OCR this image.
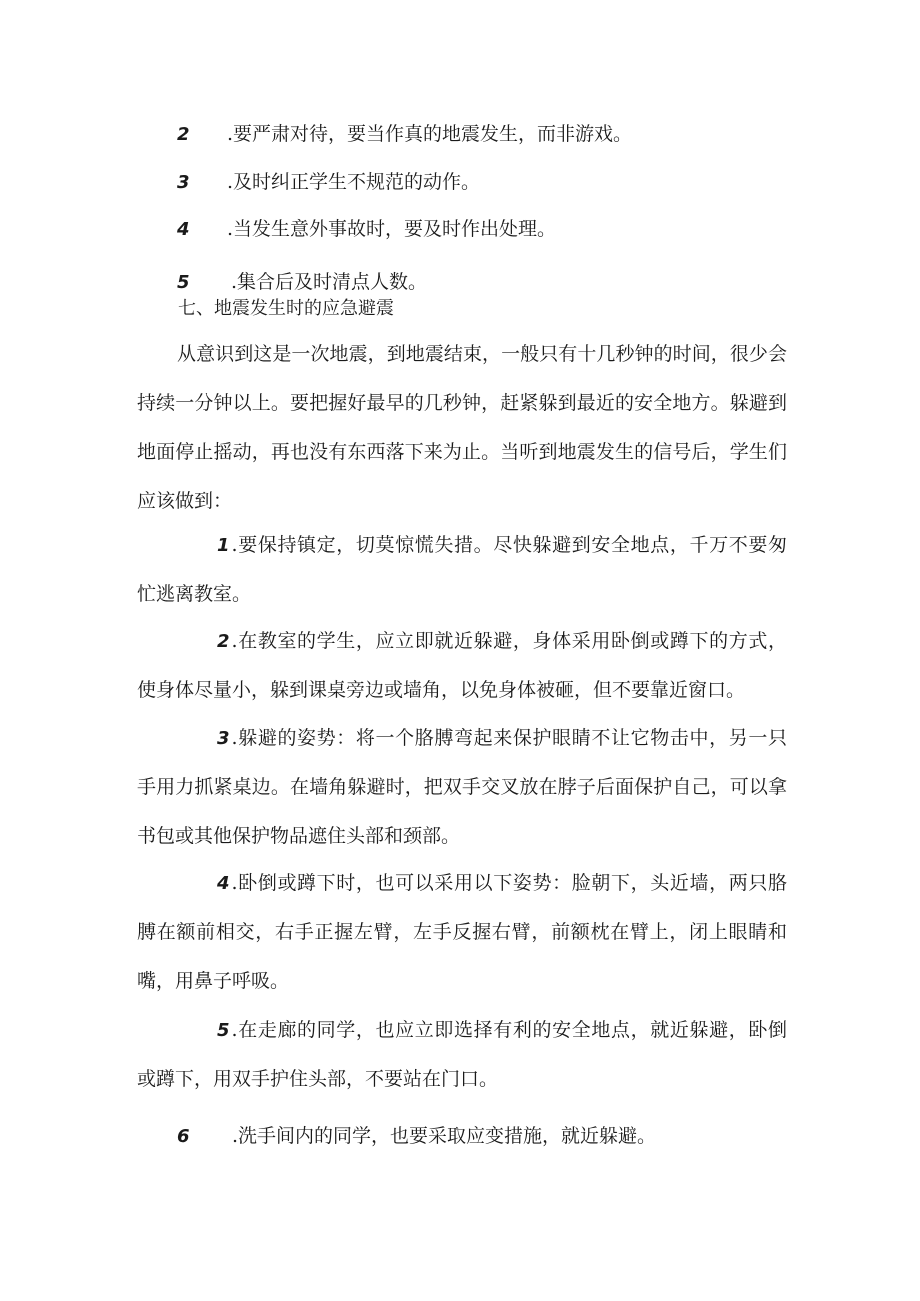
2 .要严肃对待，要当作真的地震发生，而非游戏。
3 .及时纠正学生不规范的动作。
4 .当发生意外事故时，要及时作出处理。
5 .集合后及时清点人数。
七、地震发生时的应急避震
从意识到这是一次地震，到地震结束，一般只有十几秒钟的时间，很少会持续一分钟以上。要把握好最早的几秒钟，赶紧躲到最近的安全地方。躲避到地面停止摇动，再也没有东西落下来为止。当听到地震发生的信号后，学生们应该做到：
1 .要保持镇定，切莫惊慌失措。尽快躲避到安全地点，千万不要匆忙逃离教室。
2 .在教室的学生，应立即就近躲避，身体采用卧倒或蹲下的方式，使身体尽量小，躲到课桌旁边或墙角，以免身体被砸，但不要靠近窗口。
3 .躲避的姿势：将一个胳膊弯起来保护眼睛不让它物击中，另一只手用力抓紧桌边。在墙角躲避时，把双手交叉放在脖子后面保护自己，可以拿书包或其他保护物品遮住头部和颈部。
4 .卧倒或蹲下时，也可以采用以下姿势：脸朝下，头近墙，两只胳膊在额前相交，右手正握左臂，左手反握右臂，前额枕在臂上，闭上眼睛和嘴，用鼻子呼吸。
5 .在走廊的同学，也应立即选择有利的安全地点，就近躲避，卧倒或蹲下，用双手护住头部，不要站在门口。
6 .洗手间内的同学，也要采取应变措施，就近躲避。
